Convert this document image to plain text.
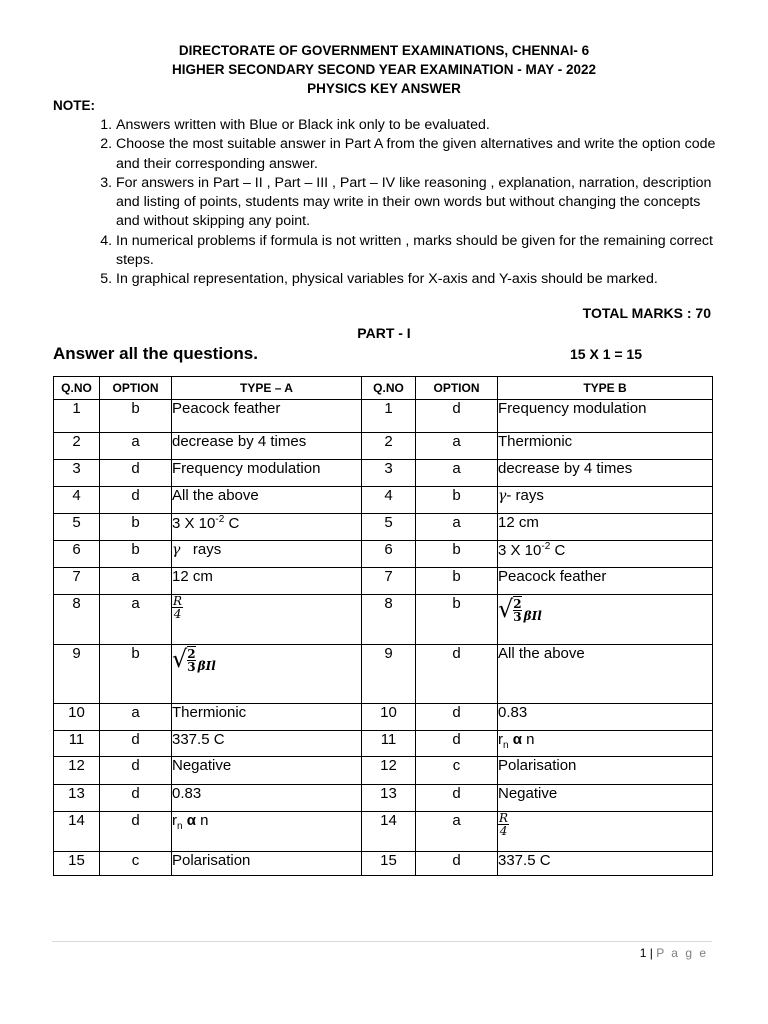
DIRECTORATE OF GOVERNMENT EXAMINATIONS, CHENNAI- 6
HIGHER SECONDARY SECOND YEAR EXAMINATION - MAY - 2022
PHYSICS KEY ANSWER
NOTE:
1. Answers written with Blue or Black ink only to be evaluated.
2. Choose the most suitable answer in Part A from the given alternatives and write the option code and their corresponding answer.
3. For answers in Part – II , Part – III , Part – IV like reasoning , explanation, narration, description and listing of points, students may write in their own words but without changing the concepts and without skipping any point.
4. In numerical problems if formula is not written , marks should be given for the remaining correct steps.
5. In graphical representation, physical variables for X-axis and Y-axis should be marked.
TOTAL MARKS : 70
PART - I
Answer all the questions.	15 X 1 = 15
Q.NO	OPTION	TYPE – A	Q.NO	OPTION	TYPE B
1	b	Peacock feather	1	d	Frequency modulation
2	a	decrease by 4 times	2	a	Thermionic
3	d	Frequency modulation	3	a	decrease by 4 times
4	d	All the above	4	b	𝛾- rays
5	b	3 X $10^{-2}$ C	5	a	12 cm
6	b	𝛾   rays	6	b	3 X $10^{-2}$ C
7	a	12 cm	7	b	Peacock feather
8	a	$\frac{R}{4}$	8	b	√ 2
3 βIl

9	b	√ 2
3 βIl	9	d	All the above
10	a	Thermionic	10	d	0.83
11	d	337.5 C	11	d	$r_n$ α n
12	d	Negative	12	c	Polarisation
13	d	0.83	13	d	Negative
14	d	$r_n$ α n	14	a	$\frac{R}{4}$

15	c	Polarisation	15	d	337.5 C
1 | P a g e
